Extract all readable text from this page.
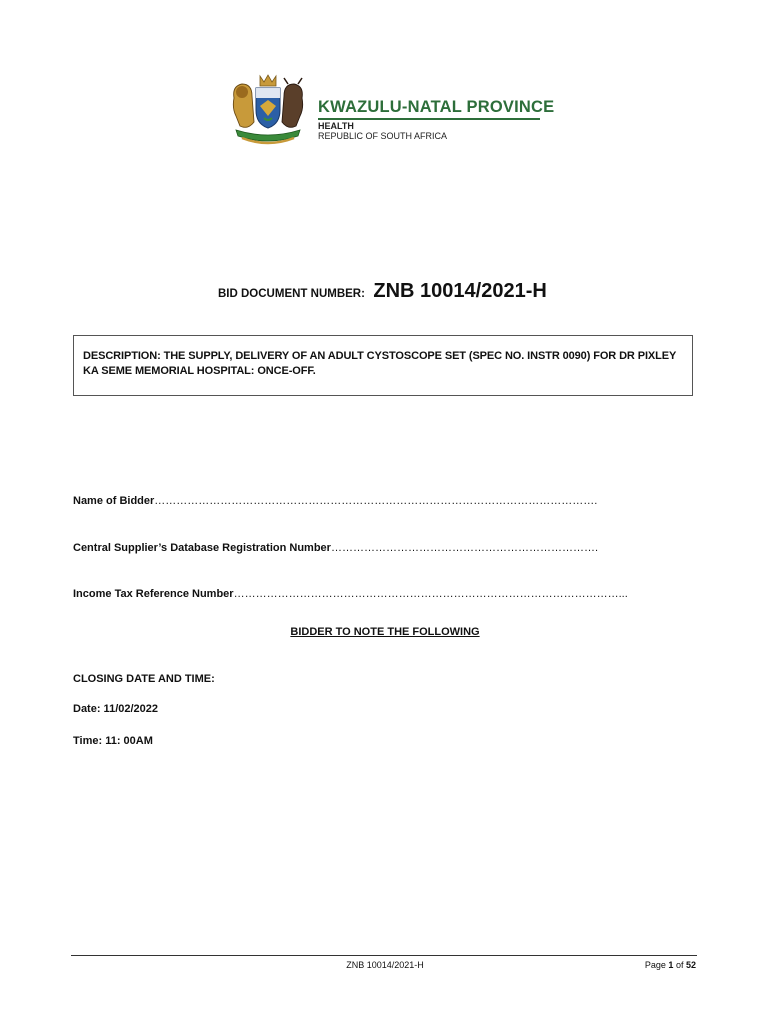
KWAZULU-NATAL PROVINCE
HEALTH
REPUBLIC OF SOUTH AFRICA
BID DOCUMENT NUMBER: ZNB 10014/2021-H
DESCRIPTION: THE SUPPLY, DELIVERY OF AN ADULT CYSTOSCOPE SET (SPEC NO. INSTR 0090) FOR DR PIXLEY KA SEME MEMORIAL HOSPITAL: ONCE-OFF.
Name of Bidder………………………………………………………………………………………………………….
Central Supplier’s Database Registration Number……………………………………………………………….
Income Tax Reference Number……………………………………………………………………………………………...
BIDDER TO NOTE THE FOLLOWING
CLOSING DATE AND TIME:
Date: 11/02/2022
Time: 11: 00AM
ZNB 10014/2021-H	Page 1 of 52
